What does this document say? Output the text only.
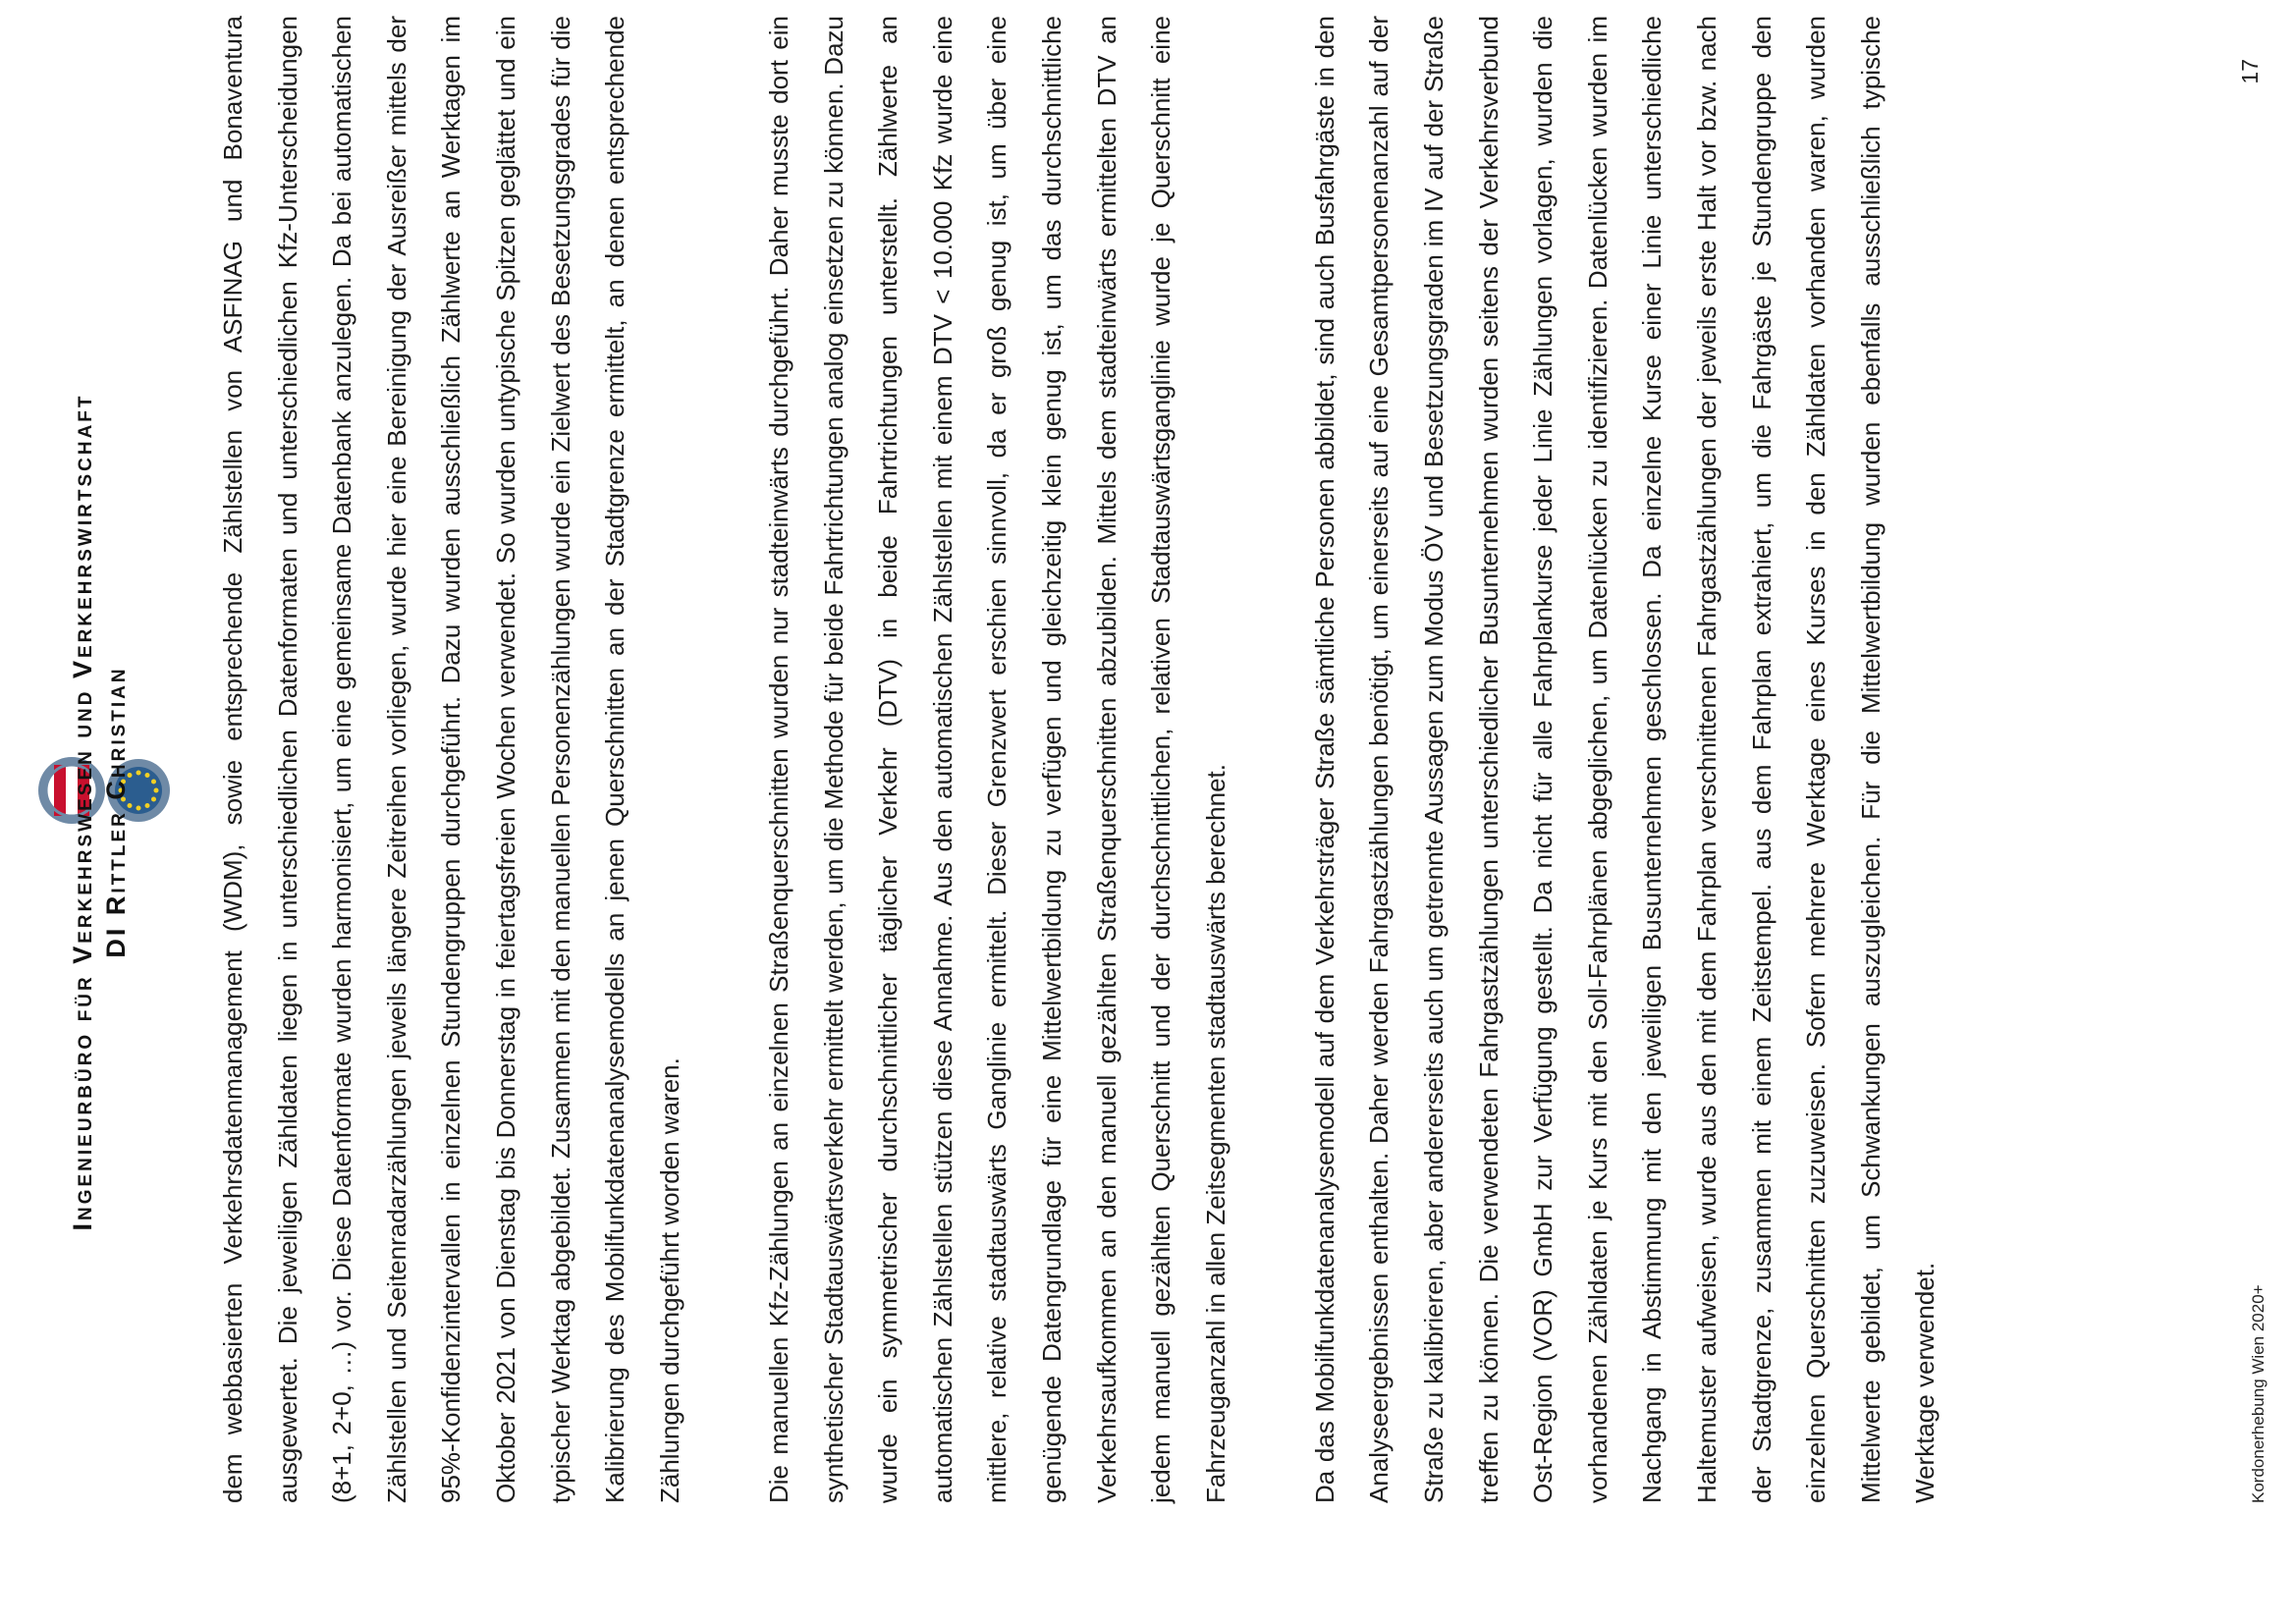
Ingenieurbüro für Verkehrswesen und Verkehrswirtschaft DI Rittler Christian	dem webbasierten Verkehrsdatenmanagement (WDM), sowie entsprechende Zählstellen von ASFINAG und Bonaventura ausgewertet. Die jeweiligen Zähldaten liegen in unterschiedlichen Datenformaten und unterschiedlichen Kfz-Unterscheidungen (8+1, 2+0, …) vor. Diese Datenformate wurden harmonisiert, um eine gemeinsame Datenbank anzulegen. Da bei automatischen Zählstellen und Seitenradarzählungen jeweils längere Zeitreihen vorliegen, wurde hier eine Bereinigung der Ausreißer mittels der 95%-Konfidenzintervallen in einzelnen Stundengruppen durchgeführt. Dazu wurden ausschließlich Zählwerte an Werktagen im Oktober 2021 von Dienstag bis Donnerstag in feiertagsfreien Wochen verwendet. So wurden untypische Spitzen geglättet und ein typischer Werktag abgebildet. Zusammen mit den manuellen Personenzählungen wurde ein Zielwert des Besetzungsgrades für die Kalibrierung des Mobilfunkdatenanalysemodells an jenen Querschnitten an der Stadtgrenze ermittelt, an denen entsprechende Zählungen durchgeführt worden waren.	Die manuellen Kfz-Zählungen an einzelnen Straßenquerschnitten wurden nur stadteinwärts durchgeführt. Daher musste dort ein synthetischer Stadtauswärtsverkehr ermittelt werden, um die Methode für beide Fahrtrichtungen analog einsetzen zu können. Dazu wurde ein symmetrischer durchschnittlicher täglicher Verkehr (DTV) in beide Fahrtrichtungen unterstellt. Zählwerte an automatischen Zählstellen stützen diese Annahme. Aus den automatischen Zählstellen mit einem DTV < 10.000 Kfz wurde eine mittlere, relative stadtauswärts Ganglinie ermittelt. Dieser Grenzwert erschien sinnvoll, da er groß genug ist, um über eine genügende Datengrundlage für eine Mittelwertbildung zu verfügen und gleichzeitig klein genug ist, um das durchschnittliche Verkehrsaufkommen an den manuell gezählten Straßenquerschnitten abzubilden. Mittels dem stadteinwärts ermittelten DTV an jedem manuell gezählten Querschnitt und der durchschnittlichen, relativen Stadtauswärtsganglinie wurde je Querschnitt eine Fahrzeuganzahl in allen Zeitsegmenten stadtauswärts berechnet.	Da das Mobilfunkdatenanalysemodell auf dem Verkehrsträger Straße sämtliche Personen abbildet, sind auch Busfahrgäste in den Analyseergebnissen enthalten. Daher werden Fahrgastzählungen benötigt, um einerseits auf eine Gesamtpersonenanzahl auf der Straße zu kalibrieren, aber andererseits auch um getrennte Aussagen zum Modus ÖV und Besetzungsgraden im IV auf der Straße treffen zu können. Die verwendeten Fahrgastzählungen unterschiedlicher Busunternehmen wurden seitens der Verkehrsverbund Ost-Region (VOR) GmbH zur Verfügung gestellt. Da nicht für alle Fahrplankurse jeder Linie Zählungen vorlagen, wurden die vorhandenen Zähldaten je Kurs mit den Soll-Fahrplänen abgeglichen, um Datenlücken zu identifizieren. Datenlücken wurden im Nachgang in Abstimmung mit den jeweiligen Busunternehmen geschlossen. Da einzelne Kurse einer Linie unterschiedliche Haltemuster aufweisen, wurde aus den mit dem Fahrplan verschnittenen Fahrgastzählungen der jeweils erste Halt vor bzw. nach der Stadtgrenze, zusammen mit einem Zeitstempel. aus dem Fahrplan extrahiert, um die Fahrgäste je Stundengruppe den einzelnen Querschnitten zuzuweisen. Sofern mehrere Werktage eines Kurses in den Zähldaten vorhanden waren, wurden Mittelwerte gebildet, um Schwankungen auszugleichen. Für die Mittelwertbildung wurden ebenfalls ausschließlich typische Werktage verwendet.	Kordonerhebung Wien 2020+
17
